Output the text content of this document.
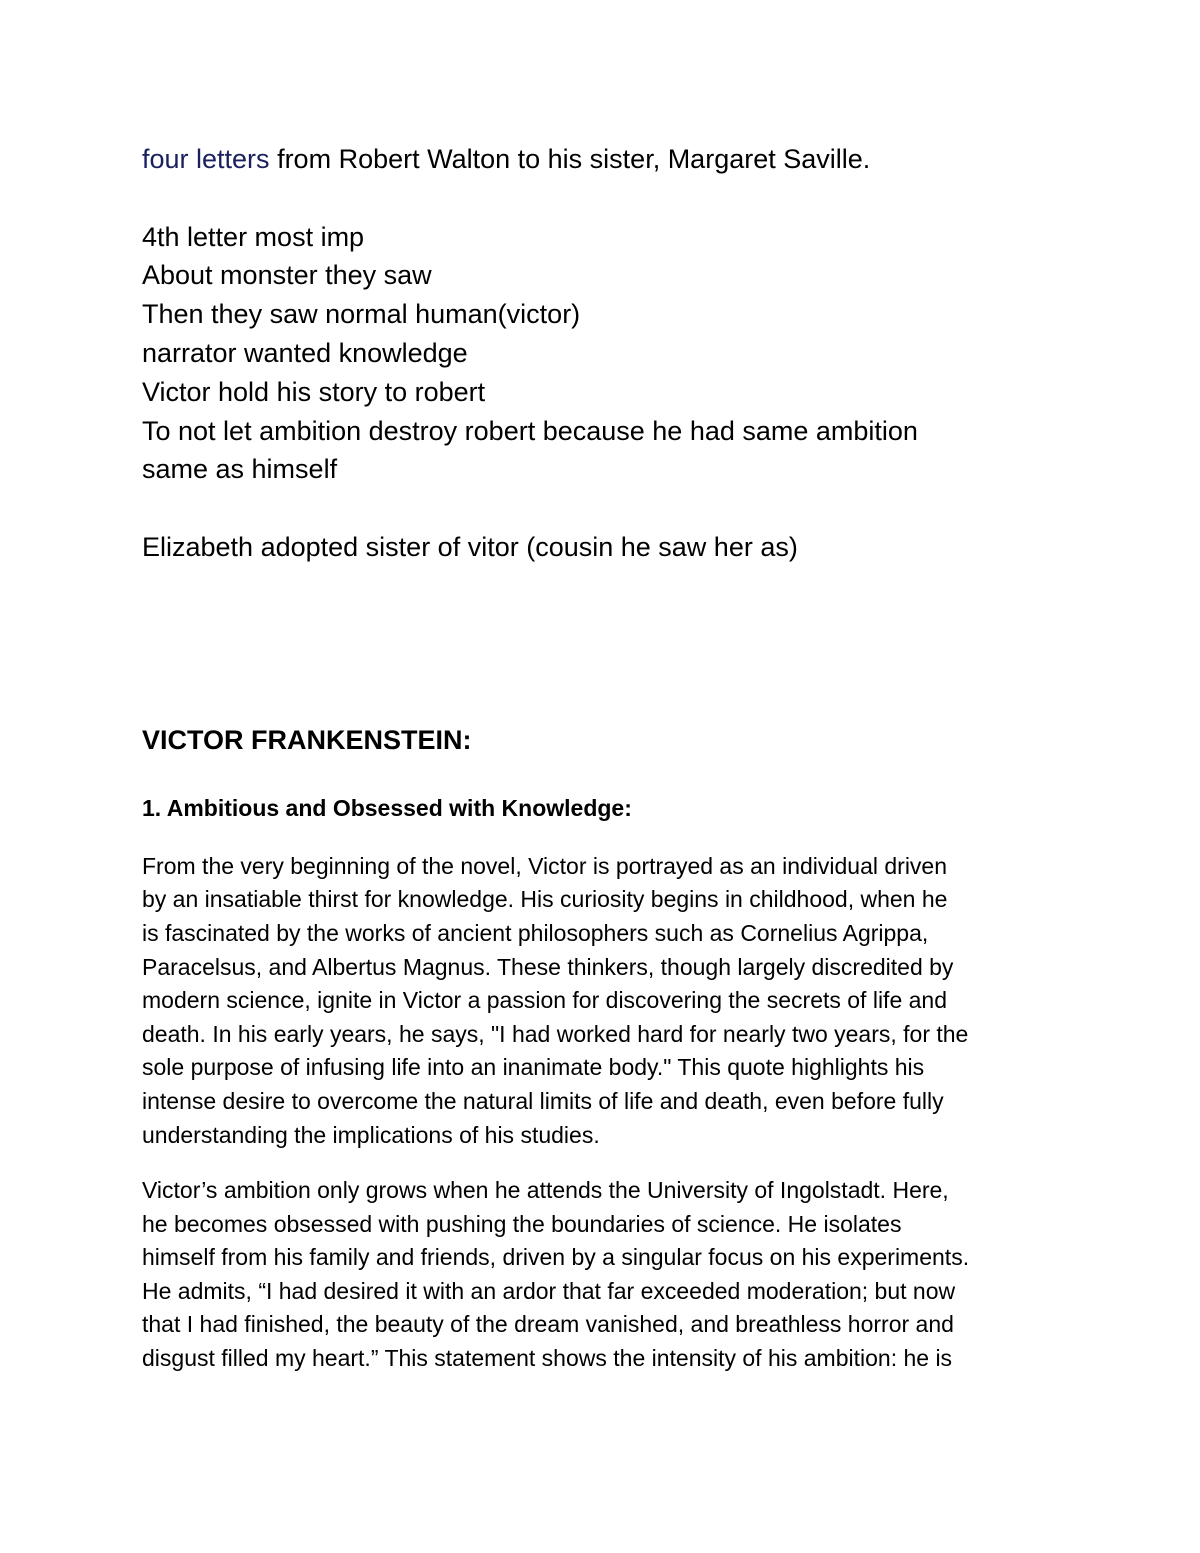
four letters from Robert Walton to his sister, Margaret Saville.
4th letter most imp
About monster they saw
Then they saw normal human(victor)
narrator wanted knowledge
Victor hold his story to robert
To not let ambition destroy robert because he had same ambition
same as himself
Elizabeth adopted sister of vitor (cousin he saw her as)
VICTOR FRANKENSTEIN:
1. Ambitious and Obsessed with Knowledge:
From the very beginning of the novel, Victor is portrayed as an individual driven
by an insatiable thirst for knowledge. His curiosity begins in childhood, when he
is fascinated by the works of ancient philosophers such as Cornelius Agrippa,
Paracelsus, and Albertus Magnus. These thinkers, though largely discredited by
modern science, ignite in Victor a passion for discovering the secrets of life and
death. In his early years, he says, "I had worked hard for nearly two years, for the
sole purpose of infusing life into an inanimate body." This quote highlights his
intense desire to overcome the natural limits of life and death, even before fully
understanding the implications of his studies.
Victor’s ambition only grows when he attends the University of Ingolstadt. Here,
he becomes obsessed with pushing the boundaries of science. He isolates
himself from his family and friends, driven by a singular focus on his experiments.
He admits, “I had desired it with an ardor that far exceeded moderation; but now
that I had finished, the beauty of the dream vanished, and breathless horror and
disgust filled my heart.” This statement shows the intensity of his ambition: he is
